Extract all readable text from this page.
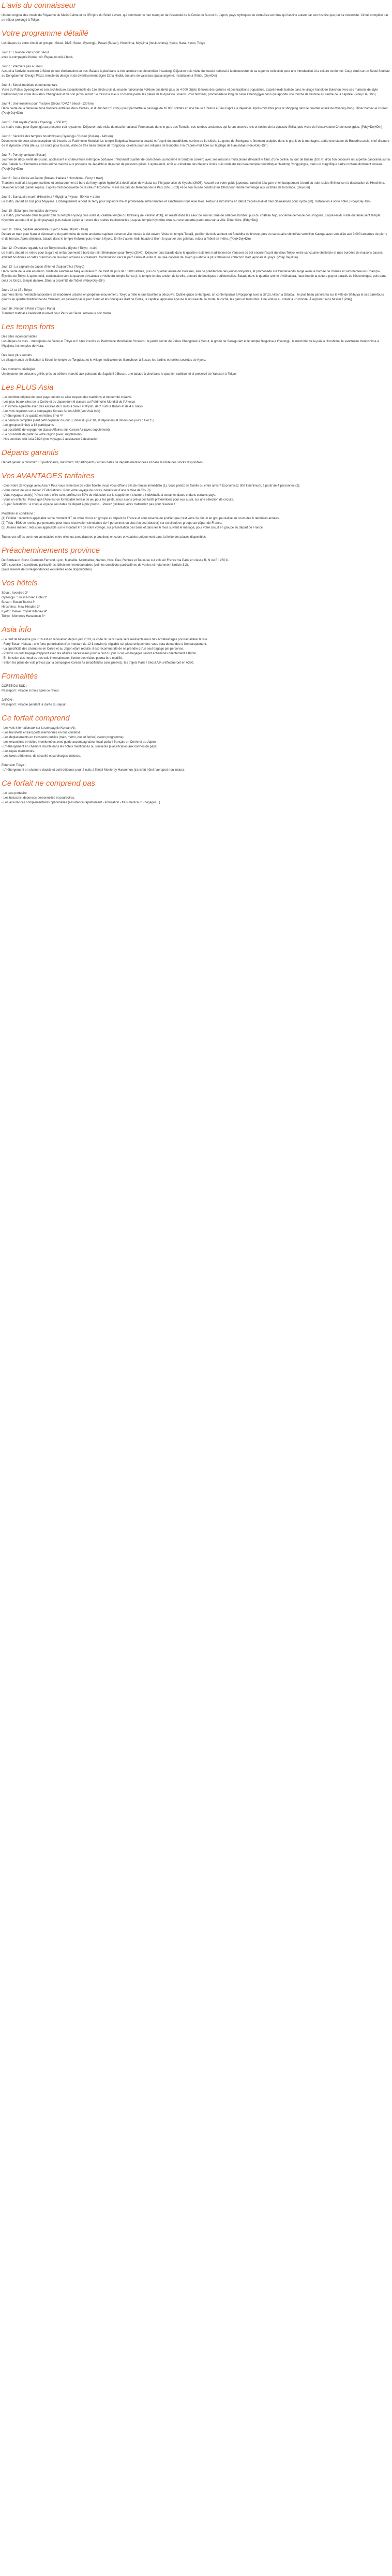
L'avis du connaisseur

Un duo original des musts du Royaume du Matin Calme et de l'Empire du Soleil Levant, qui comment ne rien manquer de l'essentiel de la Corée du Sud et du Japon, pays mythiques de cette Asie extrême qui fascine autant par son histoire que par sa modernité. Circuit complété par un séjour prolongé à Tokyo.

Votre programme détaillé

Les étapes de votre circuit en groupe : Séoul, DMZ, Séoul, Gyeongju, Pusan (Busan), Hiroshima, Miyajima (Itsukushima), Kyoto, Nara, Kyoto, Tokyo

Jour 1 : Envol de Paris pour Séoul
avec la compagnie Korean Air. Repas et nuit à bord.
Jour 2 : Premiers pas à Séoul
Accueil à l'arrivée, transfert à Séoul et tour d'orientation en bus. Balade à pied dans la très animée rue piétonnière Insadong. Déjeuner puis visite du musée national à la découverte de sa superbe collection pour une introduction à la culture coréenne. Coup d'œil sur un Séoul futuriste au Dongdaemun Design Plaza, temple du design et du divertissement signé Zaha Hadid, aux airs de vaisseau spatial argenté. Installation à l'hôtel. (Dej+Din)
Jour 3 : Séoul impériale et monumentale
Visite du Palais Gyeongbok et son architecture exceptionnelle du 13e siècle puis du musée national du Folklore qui abrite plus de 4 000 objets témoins des cultures et des traditions populaires. L'après-midi, balade dans le village hanok de Bukchon avec ses maisons de style traditionnel puis visite du Palais Changdeok et de son jardin secret : le trésor le mieux conservé parmi les palais de la dynastie Joseon. Pour terminer, promenade le long du canal Cheonggyecheon qui apporte une touche de verdure au centre de la capitale. (Pdej+Dej+Din)
Jour 4 : Une frontière pour l'histoire (Séoul / DMZ / Séoul - 130 km)
Découverte de la fameuse zone frontière entre les deux Corées, et du tunnel n°3 conçu pour permettre le passage de 10 000 soldats en une heure ! Retour à Séoul après le déjeuner. Après-midi libre pour le shopping dans le quartier animé de Myeong-Dong. Dîner barbecue coréen. (Pdej+Dej+Din)
Jour 5 : Cité royale (Séoul / Gyeongju - 350 km)
Le matin, route pour Gyeongju au prospère trait royaumes. Déjeuner puis visite du musée national. Promenade dans le parc des Tumulis, ces tombes anciennes qui furent enterrés rois et nobles de la dynastie Shilla, puis visite de l'observatoire Cheomseongdae. (Pdej+Dej+Din)
Jour 6 : Sérénité des temples bouddhiques (Gyeongju / Busan (Pusan) - 140 km)
Découverte de deux sites exceptionnels inscrits au Patrimoine Mondial. Le temple Bulguksa, incarne la beauté et l'esprit du bouddhisme coréen au 8e siècle. La grotte de Seokguram, finement sculptée dans le granit de la montagne, abrite une statue de Bouddha assis, chef-d'œuvre de la dynastie Shilla (8e s.). En route pour Busan, visite de très beau temple de Tongdosa, célèbre pour ses reliques de Bouddha. Fin d'après-midi libre sur la plage de Haeundae.(Pdej+Dej+Din)
Jour 7 : Port dynamique (Busan)
Journée de découverte de Busan, adolescent et chaleureuse métropole portuaire : l'étonnant quartier de Gamcheon (surnommé le Santorin coréen) avec ses maisons multicolores dévalant le flanc d'une colline, la tour de Busan (100 m) d'où l'on découvre un superbe panorama sur la ville. Balade sur l'immense et très animé marché aux poissons de Jagalchi et déjeuner de poissons grillés. L'après-midi, arrêt au cimetière des Nations Unies puis visite du très beau temple bouddhique Haedong Yonggungsa, dans un magnifique cadre rocheux dominant l'océan. (Pdej+Dej+Din)
Jour 8 : De la Corée au Japon (Busan / Hakata / Hiroshima - Ferry + train)
Transfert matinal à la gare maritime et embarquement à bord du ferry rapide hydrofoil à destination de Hakata sur l'île japonaise de Kyushu (3h05). Accueil par votre guide japonais, transfert à la gare et embarquement à bord du train rapide Shinkansen à destination de Hiroshima. Déjeuner à bord (panier repas). L'après-midi découverte de la ville d'Hiroshima : visite du parc du Mémorial de la Paix (UNESCO) et de son musée construit en 1960 pour rendre hommage aux victimes de la bombe. (Dej+Din)
Jour 9 : Sanctuaire marin (Hiroshima / Miyajima / Kyoto - 50 Km + train)
Le matin, départ en bus pour Miyajima. Embarquement à bord du ferry pour rejoindre l'île et promenade entre temples et sanctuaires tous Asie Inlès. Retour à Hiroshima en début d'après-midi et train Shinkansen pour Kyoto (2h). Installation à votre hôtel. (Pdej+Dej+Din)
Jour 10 : Estampes immuables de Kyoto
La matin, promenade dans le jardin zen du temple Ryoanji puis visite du célèbre temple du Kinkakuji (le Pavillon d'Or), en réalité dans les eaux de son lac orné de célèbres bonzes, puis du château Nijo, ancienne demeure des shoguns. L'après-midi, visite du fameusent temple Kiyomizu au cœur d'un jardin paysagé puis balade à pied à travers des ruelles traditionnelles jusqu'au temple Kiyomizu situé sur une superbe panorama sur la ville. Dîner libre. (Pdej+Dej)
Jour 11 : Nara, capitale ancestrale (Kyoto / Nara / Kyoto - train)
Départ en train pour Nara et découverte du patrimoine de cette ancienne capitale devenue ville musée à ciel ouvert. Visite du temple Todaiji, pavillon de bois abritant un Bouddha de bronze, puis du sanctuaire shintoïste vermillon Kasuga avec son allée aux 3 000 lanternes de pierre et de bronze. Après déjeuner, balade dans le temple Kofukuji puis retour à Kyoto. En fin d'après-midi, balade à Gion, le quartier des geishas, retour à l'hôtel en métro. (Pdej+Dej+Din)
Jour 12 : Premiers regards sur un Tokyo insolite (Kyoto / Tokyo - train)
Le matin, départ en métro pour la gare et embarquement à bord du train Shinkansen pour Tokyo (2h40). Déjeuner puis balade dans le quartier resté très traditionnel de Yanesen où bat encore l'esprit du vieux Tokyo, entre sanctuaire shintoïste et rues bordées de maisons basses abritant boutiques et cafés branchés ou œuvrant artisans et créateurs. Continuation vers le parc Ueno et visite du musée national de Tokyo qui abrite la plus fabuleuse collection d'art japonais du pays. (Pdej+Dej+Din)
Jour 13 : La capitale du Japon d'hier et d'aujourd'hui (Tokyo)
Découverte de la ville en métro. Visite du sanctuaire Meiji au milieu d'une forêt de plus de 10 000 arbres, puis du quartier animé de Harajuku, lieu de prédilection des jeunes tokyoïtes, et promenade sur Omotesando, large avenue bordée de chênes et surnommée les Champs-Élysées de Tokyo. L'après-midi, continuation vers le quartier d'Asakusa et visite du temple Senso-ji, le temple le plus ancien de la ville, entouré de boutiques traditionnelles. Balade dans le quartier animé d'Akihabara, haut-lieu de la culture pop et paradis de l'électronique, puis dans celui de Ginza, temple du luxe. Dîner à proximité de l'hôtel. (Pdej+Dej+Din)
Jours 14 et 15 : Tokyo
Journées libres. Véritable laboratoire de modernité urbaine en perpétuel mouvement, Tokyo a mille et une facettes à découvrir. Cultivé grâce à Harajuku, art contemporain à Roppongi, luxe à Ginza, kitsch à Odaiba... le plus beau panorama sur la ville de Shibuya et ses carrefours géants au quartier traditionnel de Yanesen, en passant par le parc Ueno et les boutiques d'art de Ginza, la capitale japonaise épouse la nouveauté, la mode, le cliché, les gens et leurs rites. Une voiture au volant à un monde. À explorer sans hésiter ! (Pdej)
Jour 16 : Retour à Paris (Tokyo / Paris)
Transfert matinal à l'aéroport et envol pour Paris via Séoul. Arrivée le soir même.
Les temps forts

Des sites incontournables

Les étapes de mes... métropoles de Séoul et Tokyo et 6 sites inscrits au Patrimoine Mondial de l'Unesco : le jardin secret du Palais Changdeok à Séoul, la grotte de Seokguram et le temple Bulguksa à Gyeongju, le mémorial de la paix à Hiroshima, le sanctuaire Itsukushima à Miyajima, les temples de Nara.

Des lieux plus secrets

Le village hanok de Bukchon à Séoul, le temple de Tongdosa et le village multicolore de Gamcheon à Busan, les jardins et ruelles secrètes de Kyoto.

Des moments privilégiés

Un déjeuner de poissons grillés près du célèbre marché aux poissons de Jagalchi à Busan, une balade à pied dans le quartier traditionnel et préservé de Yanesen à Tokyo.

Les PLUS Asia

- Le combiné original de deux pays qui ont su allier respect des traditions et modernité créative

- Les plus beaux sites de la Corée et du Japon dont 6 classés au Patrimoine Mondial de l'Unesco

- Un rythme agréable avec des escales de 3 nuits à Séoul et Kyoto, de 2 nuits à Busan et de 4 à Tokyo

- Les vols réguliers sur la compagnie Korean Air en A380 (voir Asia info)

- L'hébergement de qualité en hôtels 3* et 4*

- La pension complète (sauf petit déjeuner du jour 8, dîner du jour 10, et déjeuners et dîners des jours 14 et 15)

- Les groupes limités à 18 participants

- La possibilité de voyager en classe Affaires sur Korean Air (avec supplément)

- La possibilité de partir de votre région (avec supplément)

- Nos services Allo Asia 24/24 (nos voyages à assistance à destination

Départs garantis

Départ garanti à minimum 10 participants, maximum 18 participants (sur les dates de départs mentionnées et dans la limite des stocks disponibles).

Vos AVANTAGES tarifaires

- C'est votre 2e voyage avec Asia ? Pour vous remercier de votre fidélité, nous vous offrons 5% de remise immédiate (1). Vous partez en famille ou entre amis ? Économisez 300 € minimum, à partir de 4 personnes (2).

- Vous venez de vous marier ? Félicitations ! Pour votre voyage de noces, bénéficiez d'une remise de 5% (3).

- Vous voyagez seul(e) ? Avec notre offre solo, profitez de 50% de réduction sur le supplément chambre individuelle à certaines dates et dans certains pays.

- Vous en enfants : Parce que l'Asie est un formidable terrain de jeu pour les petits, nous avons prévu des tarifs préférentiels pour eux aussi, sur une sélection de circuits.

- Super Tentations : à chaque voyage ses dates de départ à prix promo... Placez (limitées) alors n'attendez pas pour réserver !

Modalités et conditions :

(1) Fidélité : réduction applicable sur le montant HT de votre circuit en groupe au départ de France et sous réserve de justifier que c'est votre 3e circuit en groupe réalisé au cours des 6 dernières années.
(2) Tribu : 5€/€ de remise par personne pour toute réservation simultanée de 4 personnes ou plus (un seul dossier) sur un circuit en groupe au départ de France.
(3) Jeunes mariés : réduction applicable sur le montant HT de votre voyage, sur présentation des bans et dans les 6 mois suivant le mariage, pour votre circuit en groupe au départ de France.

Toutes ces offres sont non cumulables entre elles ou avec d'autres promotions en cours et valables uniquement dans la limite des places disponibles.

Préacheminements province

De Bordeaux, Brest, Clermont-Ferrand, Lyon, Marseille, Montpellier, Nantes, Nice, Pau, Rennes et Toulouse sur vols Air France via Paris en classe R, N ou E : 250 €.

Offre soumise à conditions particulières, billets non remboursables (voir les conditions particulières de ventes et notamment l'article 3.2).

(sous réserve de correspondances existantes et de disponibilités)

Vos hôtels

Séoul : Aventree 3*

Gyeongju : Swiss Rosen Hotel 3*

Busan : Busan Tourist 3*

Hiroshima : New Hiroden 3*

Kyoto : Daiwa Roynet Kitanaw 4*

Tokyo : Monterey Hanzomon 3*

Asia info

- Le tarif de Miyajima (pour 1h est en rénovation depuis juin 2019, la visite du sanctuaire sera réalisable mais des échafaudages pourrait altérer la vue.

- Ferry Busan-Hakata : une forte perturbation d'un montant de 12 € (environ), réglable sur place uniquement, vous sera demandée à l'embarquement.

- La spécificité des chambres en Corée et au Japon étant réduite, il est recommandé de ne prendre qu'un seul bagage par personne.

- Prévoir un petit bagage d'appoint avec les affaires nécessaires pour la nuit du jour 8 car vos bagages seront acheminés directement à Kyoto.

- En fonction des horaires des vols internationaux, l'ordre des visites pourra être modifié.

- Selon les plans de vols prévus par la compagnie Korean Air (modifiables sans préavis), les trajets Paris / Séoul A/R s'effectueront en A380.

Formalités

COREE DU SUD :

Passeport : valable 6 mois après le retour.

JAPON :

Passeport : valable pendant la durée du séjour.

Ce forfait comprend

- Les vols internationaux sur la compagnie Korean Air.

- Les transferts et transports mentionnés en bus climatisé.

- Les déplacements en transports publics (train, métro, bus et ferries) (selon programme).

- Les excursions et visites mentionnées avec guide accompagnateur local parlant français en Corée et au Japon.

- L'hébergement en chambre double dans les hôtels mentionnés ou similaires (classification aux normes du pays).

- Les repas mentionnés.

- Les taxes aériennes, de sécurité et surcharges incluses.

Extension Tokyo :

- L'hébergement en chambre double et petit déjeuner pour 2 nuits à l'hôtel Monterey Hanzomon (transfert hôtel / aéroport non inclus).

Ce forfait ne comprend pas

- Le taxe portuaire.

- Les boissons, dépenses personnelles et pourboires.

- Les assurances complémentaires optionnelles (assistance rapatriement - annulation - frais médicaux - bagages...).
